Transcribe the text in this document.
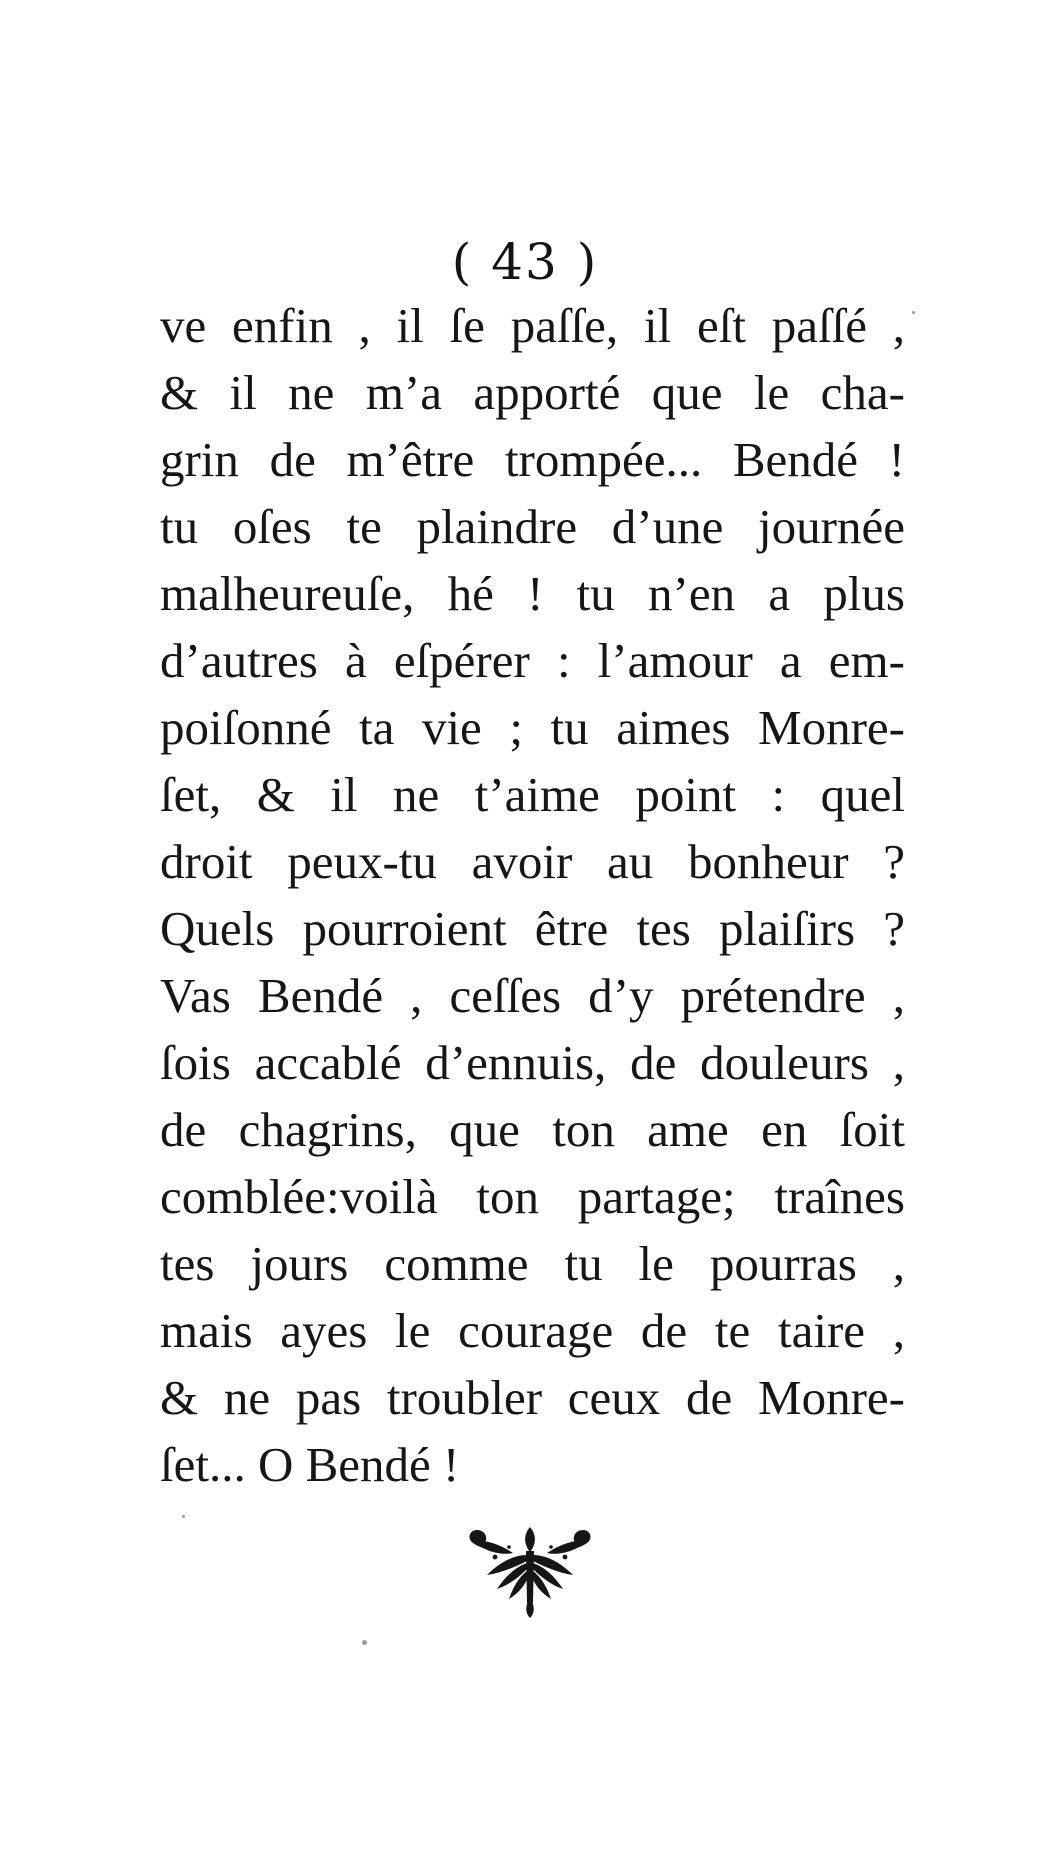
( 43 )
ve enfin , il ſe paſſe, il eſt paſſé ,
& il ne m’a apporté que le cha-
grin de m’être trompée... Bendé !
tu oſes te plaindre d’une journée
malheureuſe, hé ! tu n’en a plus
d’autres à eſpérer : l’amour a em-
poiſonné ta vie ; tu aimes Monre-
ſet, & il ne t’aime point : quel
droit peux-tu avoir au bonheur ?
Quels pourroient être tes plaiſirs ?
Vas Bendé , ceſſes d’y prétendre ,
ſois accablé d’ennuis, de douleurs ,
de chagrins, que ton ame en ſoit
comblée:voilà ton partage; traînes
tes jours comme tu le pourras ,
mais ayes le courage de te taire ,
& ne pas troubler ceux de Monre-
ſet... O Bendé !
